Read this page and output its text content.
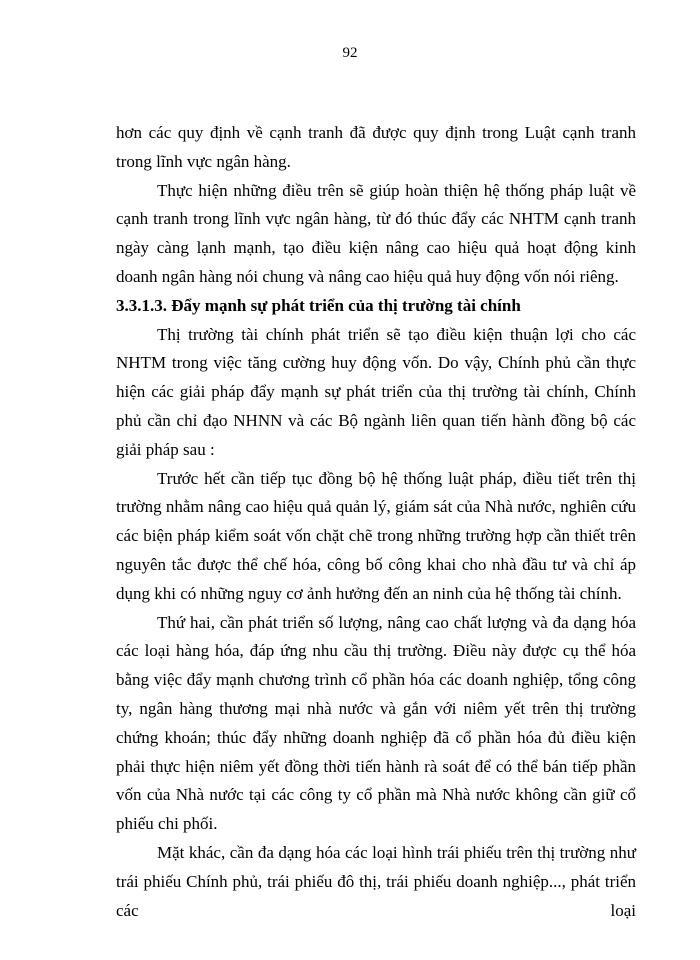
92

hơn các quy định về cạnh tranh đã được quy định trong Luật cạnh tranh trong lĩnh vực ngân hàng.

Thực hiện những điều trên sẽ giúp hoàn thiện hệ thống pháp luật về cạnh tranh trong lĩnh vực ngân hàng, từ đó thúc đẩy các NHTM cạnh tranh ngày càng lạnh mạnh, tạo điều kiện nâng cao hiệu quả hoạt động kinh doanh ngân hàng nói chung và nâng cao hiệu quả huy động vốn nói riêng.

3.3.1.3. Đẩy mạnh sự phát triển của thị trường tài chính

Thị trường tài chính phát triển sẽ tạo điều kiện thuận lợi cho các NHTM trong việc tăng cường huy động vốn. Do vậy, Chính phủ cần thực hiện các giải pháp đẩy mạnh sự phát triển của thị trường tài chính, Chính phủ cần chỉ đạo NHNN và các Bộ ngành liên quan tiến hành đồng bộ các giải pháp sau :

Trước hết cần tiếp tục đồng bộ hệ thống luật pháp, điều tiết trên thị trường nhằm nâng cao hiệu quả quản lý, giám sát của Nhà nước, nghiên cứu các biện pháp kiểm soát vốn chặt chẽ trong những trường hợp cần thiết trên nguyên tắc được thể chế hóa, công bố công khai cho nhà đầu tư và chỉ áp dụng khi có những nguy cơ ảnh hưởng đến an ninh của hệ thống tài chính.

Thứ hai, cần phát triển số lượng, nâng cao chất lượng và đa dạng hóa các loại hàng hóa, đáp ứng nhu cầu thị trường. Điều này được cụ thể hóa bằng việc đẩy mạnh chương trình cổ phần hóa các doanh nghiệp, tổng công ty, ngân hàng thương mại nhà nước và gắn với niêm yết trên thị trường chứng khoán; thúc đẩy những doanh nghiệp đã cổ phần hóa đủ điều kiện phải thực hiện niêm yết đồng thời tiến hành rà soát để có thể bán tiếp phần vốn của Nhà nước tại các công ty cổ phần mà Nhà nước không cần giữ cổ phiếu chi phối.

Mặt khác, cần đa dạng hóa các loại hình trái phiếu trên thị trường như trái phiếu Chính phủ, trái phiếu đô thị, trái phiếu doanh nghiệp..., phát triển các loại
